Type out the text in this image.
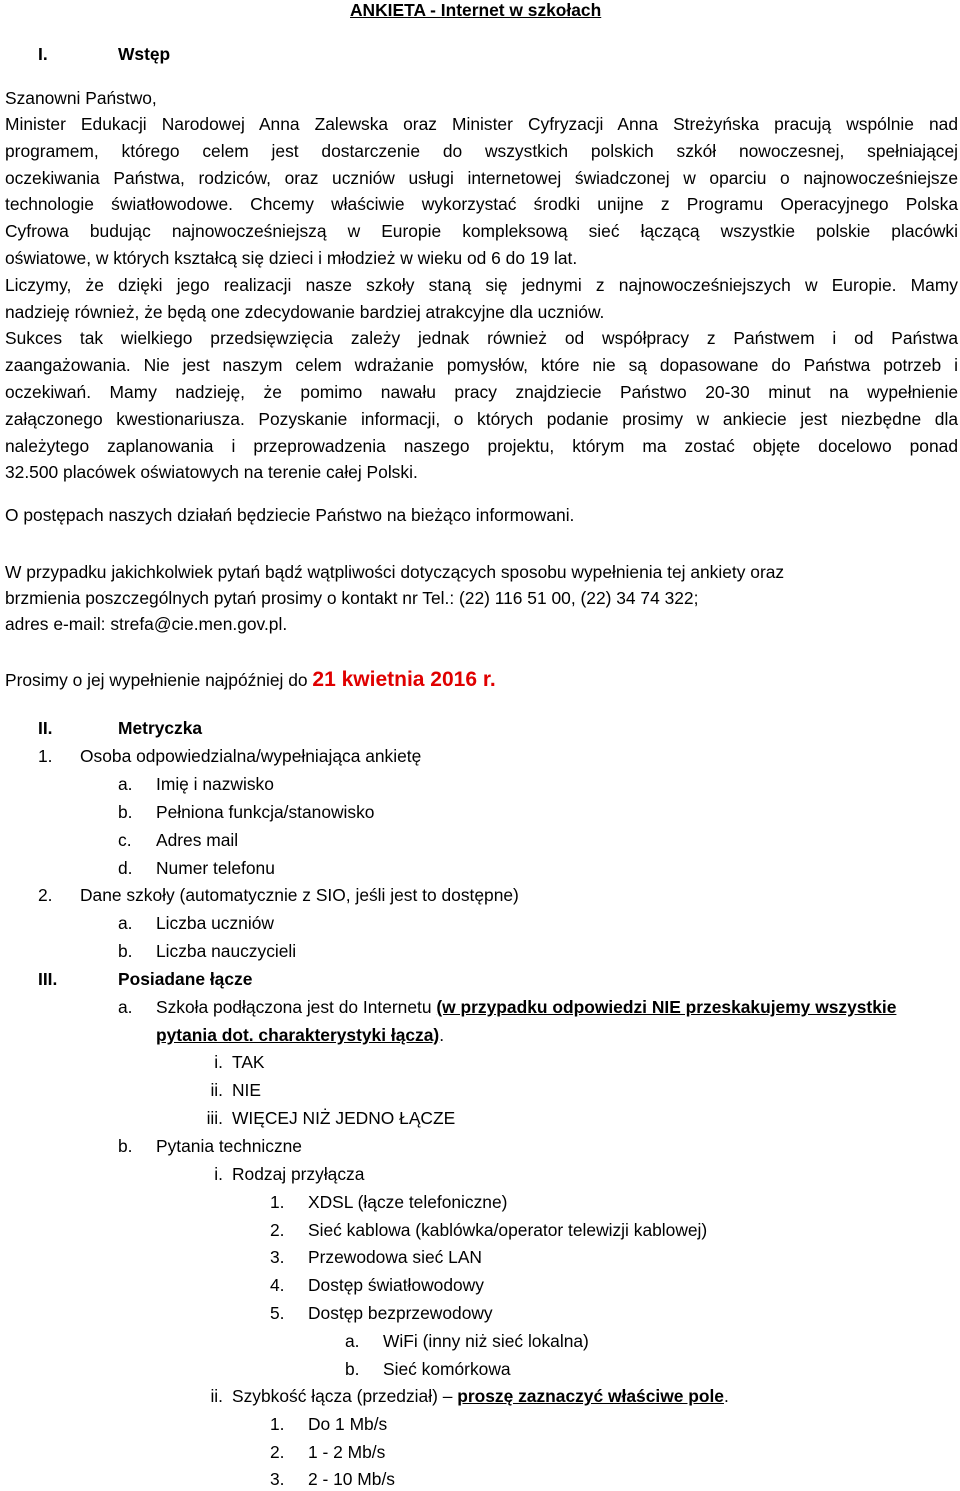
ANKIETA - Internet w szkołach
I.	Wstęp
Szanowni Państwo,
Minister Edukacji Narodowej Anna Zalewska oraz Minister Cyfryzacji Anna Streżyńska pracują wspólnie nad
programem, którego celem jest dostarczenie do wszystkich polskich szkół nowoczesnej, spełniającej
oczekiwania Państwa, rodziców, oraz uczniów usługi internetowej świadczonej w oparciu o najnowocześniejsze
technologie światłowodowe. Chcemy właściwie wykorzystać środki unijne z Programu Operacyjnego Polska
Cyfrowa budując najnowocześniejszą w Europie kompleksową sieć łączącą wszystkie polskie placówki
oświatowe, w których kształcą się dzieci i młodzież w wieku od 6 do 19 lat.
Liczymy, że dzięki jego realizacji nasze szkoły staną się jednymi z najnowocześniejszych w Europie. Mamy
nadzieję również, że będą one zdecydowanie bardziej atrakcyjne dla uczniów.
Sukces tak wielkiego przedsięwzięcia zależy jednak również od współpracy z Państwem i od Państwa
zaangażowania. Nie jest naszym celem wdrażanie pomysłów, które nie są dopasowane do Państwa potrzeb i
oczekiwań. Mamy nadzieję, że pomimo nawału pracy znajdziecie Państwo 20-30 minut na wypełnienie
załączonego kwestionariusza. Pozyskanie informacji, o których podanie prosimy w ankiecie jest niezbędne dla
należytego zaplanowania i przeprowadzenia naszego projektu, którym ma zostać objęte docelowo ponad
32.500 placówek oświatowych na terenie całej Polski.
O postępach naszych działań będziecie Państwo na bieżąco informowani.
W przypadku jakichkolwiek pytań bądź wątpliwości dotyczących sposobu wypełnienia tej ankiety oraz
brzmienia poszczególnych pytań prosimy o kontakt nr Tel.: (22) 116 51 00, (22) 34 74 322;
adres e-mail: strefa@cie.men.gov.pl.
Prosimy o jej wypełnienie najpóźniej do 21 kwietnia 2016 r.
II.	Metryczka
1. Osoba odpowiedzialna/wypełniająca ankietę
a. Imię i nazwisko
b. Pełniona funkcja/stanowisko
c. Adres mail
d. Numer telefonu
2. Dane szkoły (automatycznie z SIO, jeśli jest to dostępne)
a. Liczba uczniów
b. Liczba nauczycieli
III.	Posiadane łącze
a. Szkoła podłączona jest do Internetu (w przypadku odpowiedzi NIE przeskakujemy wszystkie
pytania dot. charakterystyki łącza).
i. TAK
ii. NIE
iii. WIĘCEJ NIŻ JEDNO ŁĄCZE
b. Pytania techniczne
i. Rodzaj przyłącza
1. XDSL (łącze telefoniczne)
2. Sieć kablowa (kablówka/operator telewizji kablowej)
3. Przewodowa sieć LAN
4. Dostęp światłowodowy
5. Dostęp bezprzewodowy
a. WiFi (inny niż sieć lokalna)
b. Sieć komórkowa
ii. Szybkość łącza (przedział) – proszę zaznaczyć właściwe pole.
1. Do 1 Mb/s
2. 1 - 2 Mb/s
3. 2 - 10 Mb/s
